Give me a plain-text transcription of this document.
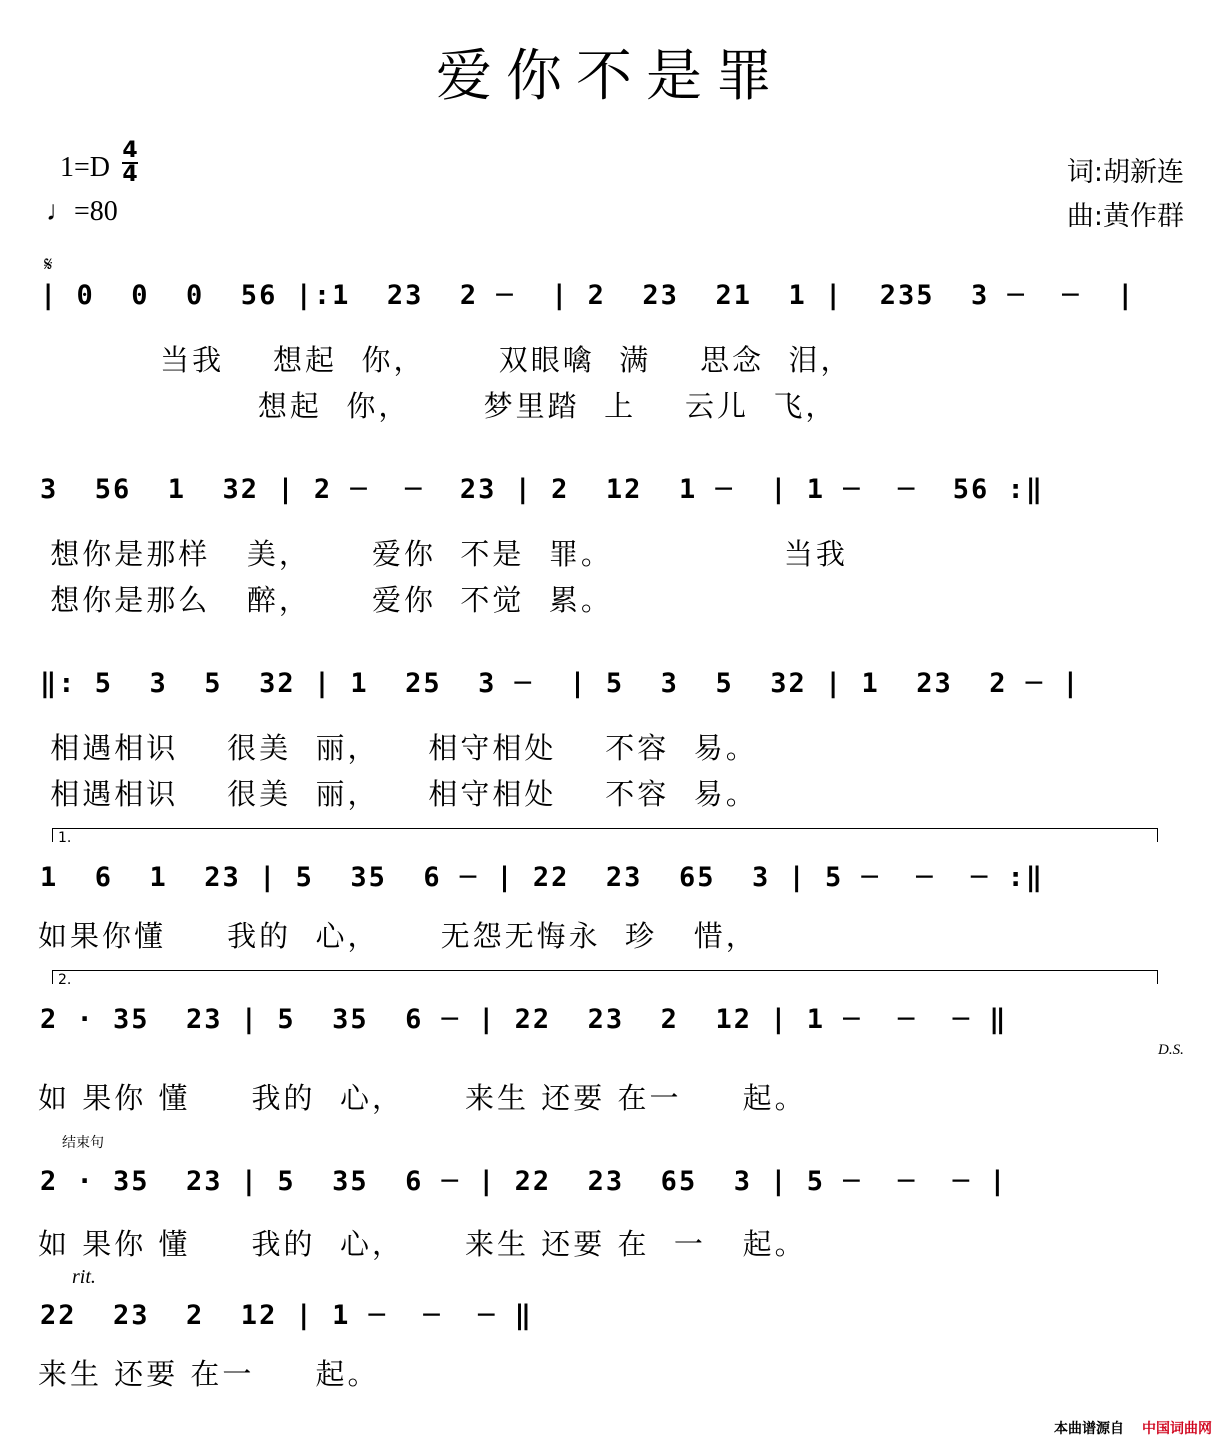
爱你不是罪
1=D
4
4
♩=80
词:胡新连
曲:黄作群
𝄋
| 0  0  0  56 |:1  23  2 ─  | 2  23  21  1 |  235  3 ─  ─  |
当我    想起  你，      双眼噙  满    思念  泪，
想起  你，      梦里踏  上    云儿  飞，
3  56  1  32 | 2 ─  ─  23 | 2  12  1 ─  | 1 ─  ─  56 :‖
想你是那样   美，     爱你  不是  罪。              当我
想你是那么   醉，     爱你  不觉  累。
‖: 5  3  5  32 | 1  25  3 ─  | 5  3  5  32 | 1  23  2 ─ |
相遇相识    很美  丽，    相守相处    不容  易。
相遇相识    很美  丽，    相守相处    不容  易。
1.
1  6  1  23 | 5  35  6 ─ | 22  23  65  3 | 5 ─  ─  ─ :‖
如果你懂     我的  心，     无怨无悔永  珍   惜，
2.
2 · 35  23 | 5  35  6 ─ | 22  23  2  12 | 1 ─  ─  ─ ‖
D.S.
如 果你 懂     我的  心，     来生 还要 在一     起。
结束句
2 · 35  23 | 5  35  6 ─ | 22  23  65  3 | 5 ─  ─  ─ |
如 果你 懂     我的  心，     来生 还要 在  一   起。
rit.
22  23  2  12 | 1 ─  ─  ─ ‖
来生 还要 在一     起。
本曲谱源自 中国词曲网
